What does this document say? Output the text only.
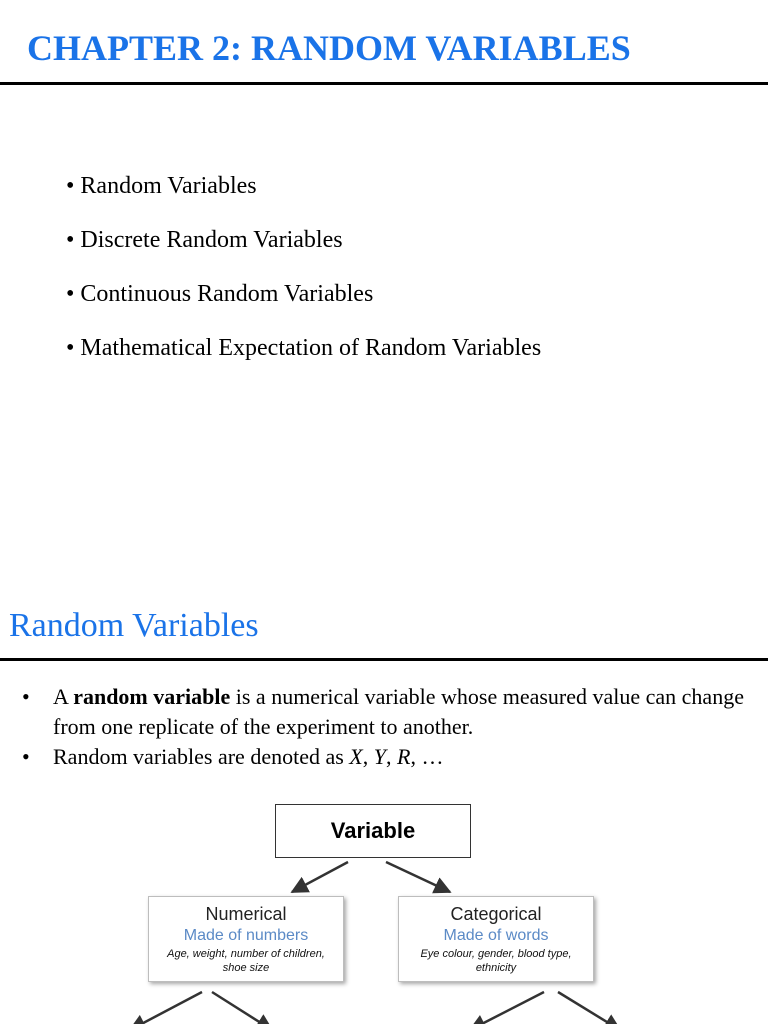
CHAPTER 2: RANDOM VARIABLES
• Random Variables
• Discrete Random Variables
• Continuous Random Variables
• Mathematical Expectation of Random Variables
Random Variables
• A random variable is a numerical variable whose measured value can change from one replicate of the experiment to another.
• Random variables are denoted as X, Y, R, …
Variable
Numerical
Made of numbers
Age, weight, number of children, shoe size
Categorical
Made of words
Eye colour, gender, blood type, ethnicity
